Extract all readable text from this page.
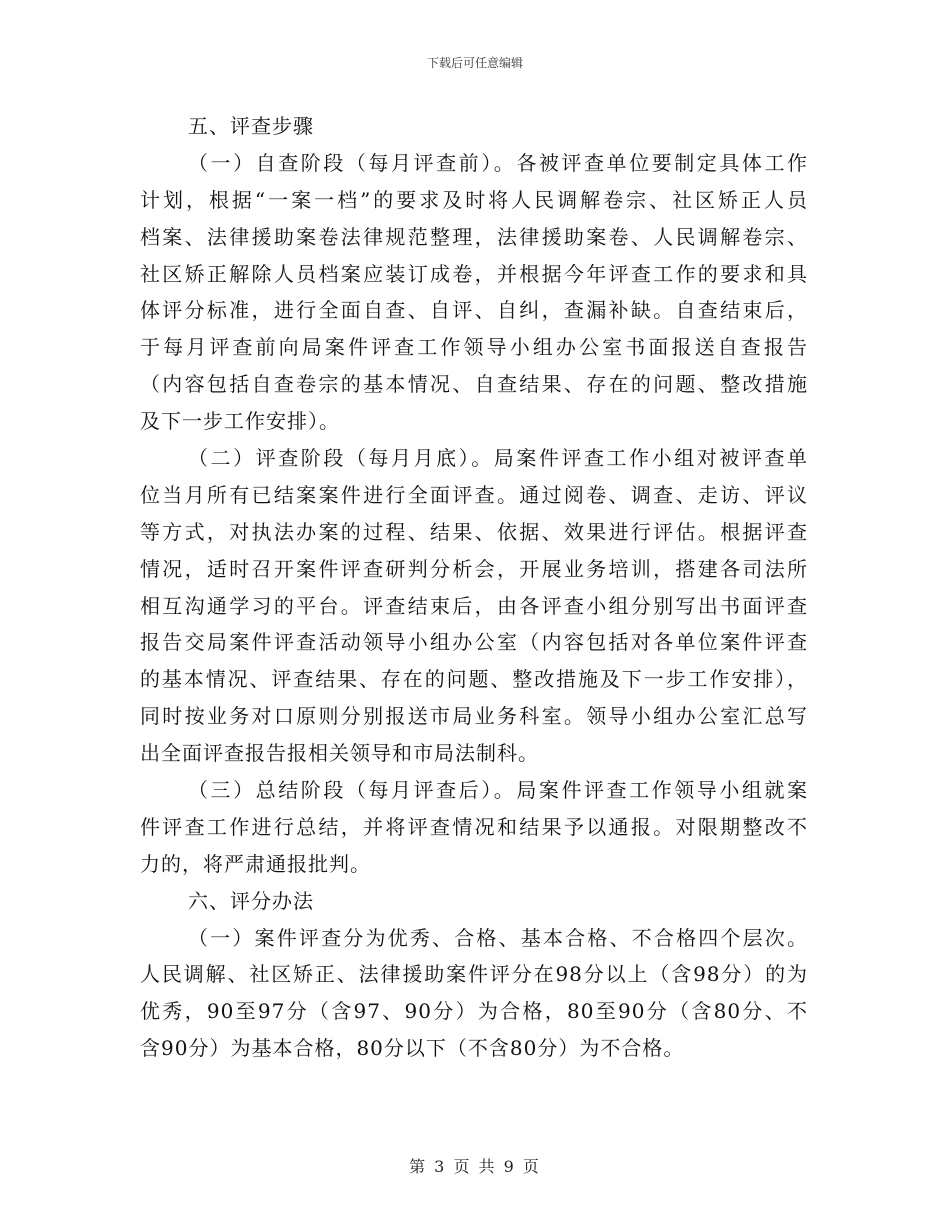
下载后可任意编辑
五、评查步骤
（一）自查阶段（每月评查前）。各被评查单位要制定具体工作
计划，根据“一案一档”的要求及时将人民调解卷宗、社区矫正人员
档案、法律援助案卷法律规范整理，法律援助案卷、人民调解卷宗、
社区矫正解除人员档案应装订成卷，并根据今年评查工作的要求和具
体评分标准，进行全面自查、自评、自纠，查漏补缺。自查结束后，
于每月评查前向局案件评查工作领导小组办公室书面报送自查报告
（内容包括自查卷宗的基本情况、自查结果、存在的问题、整改措施
及下一步工作安排）。
（二）评查阶段（每月月底）。局案件评查工作小组对被评查单
位当月所有已结案案件进行全面评查。通过阅卷、调查、走访、评议
等方式，对执法办案的过程、结果、依据、效果进行评估。根据评查
情况，适时召开案件评查研判分析会，开展业务培训，搭建各司法所
相互沟通学习的平台。评查结束后，由各评查小组分别写出书面评查
报告交局案件评查活动领导小组办公室（内容包括对各单位案件评查
的基本情况、评查结果、存在的问题、整改措施及下一步工作安排），
同时按业务对口原则分别报送市局业务科室。领导小组办公室汇总写
出全面评查报告报相关领导和市局法制科。
（三）总结阶段（每月评查后）。局案件评查工作领导小组就案
件评查工作进行总结，并将评查情况和结果予以通报。对限期整改不
力的，将严肃通报批判。
六、评分办法
（一）案件评查分为优秀、合格、基本合格、不合格四个层次。
人民调解、社区矫正、法律援助案件评分在98分以上（含98分）的为
优秀，90至97分（含97、90分）为合格，80至90分（含80分、不
含90分）为基本合格，80分以下（不含80分）为不合格。
第 3 页 共 9 页
